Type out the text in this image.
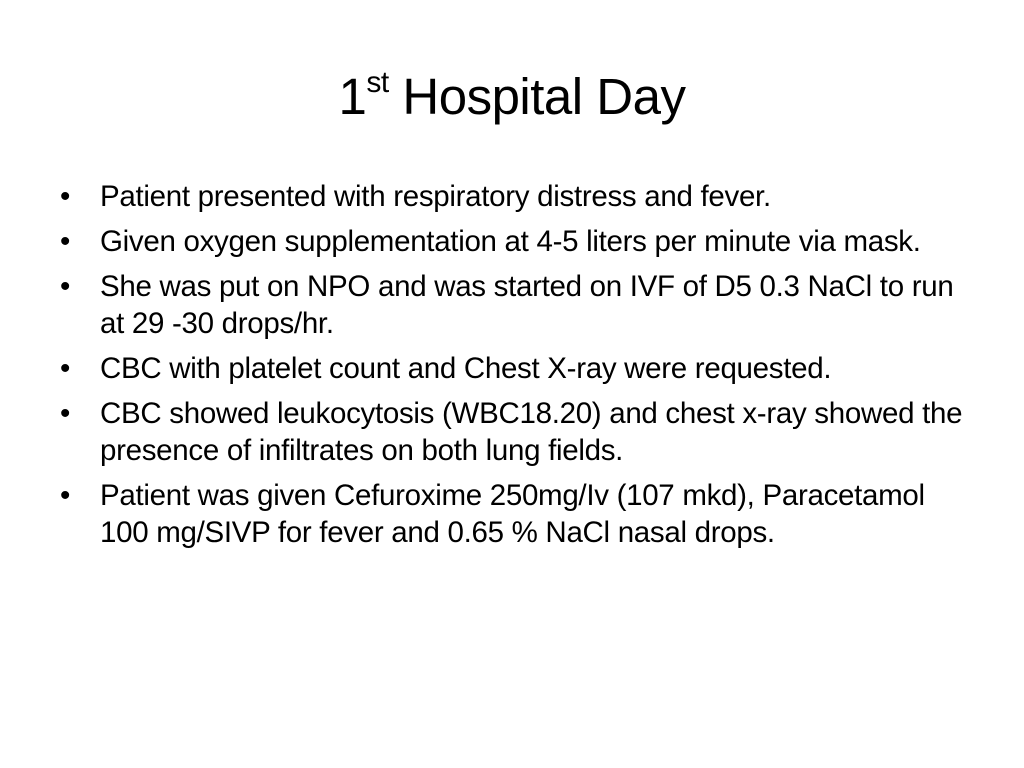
1st Hospital Day
• Patient presented with respiratory distress and fever.
• Given oxygen supplementation at 4-5 liters per minute via mask.
• She was put on NPO and was started on IVF of D5 0.3 NaCl to run at 29 -30 drops/hr.
• CBC with platelet count and Chest X-ray were requested.
• CBC showed leukocytosis (WBC18.20) and chest x-ray showed the presence of infiltrates on both lung fields.
• Patient was given Cefuroxime 250mg/Iv (107 mkd), Paracetamol 100 mg/SIVP for fever and 0.65 % NaCl nasal drops.
